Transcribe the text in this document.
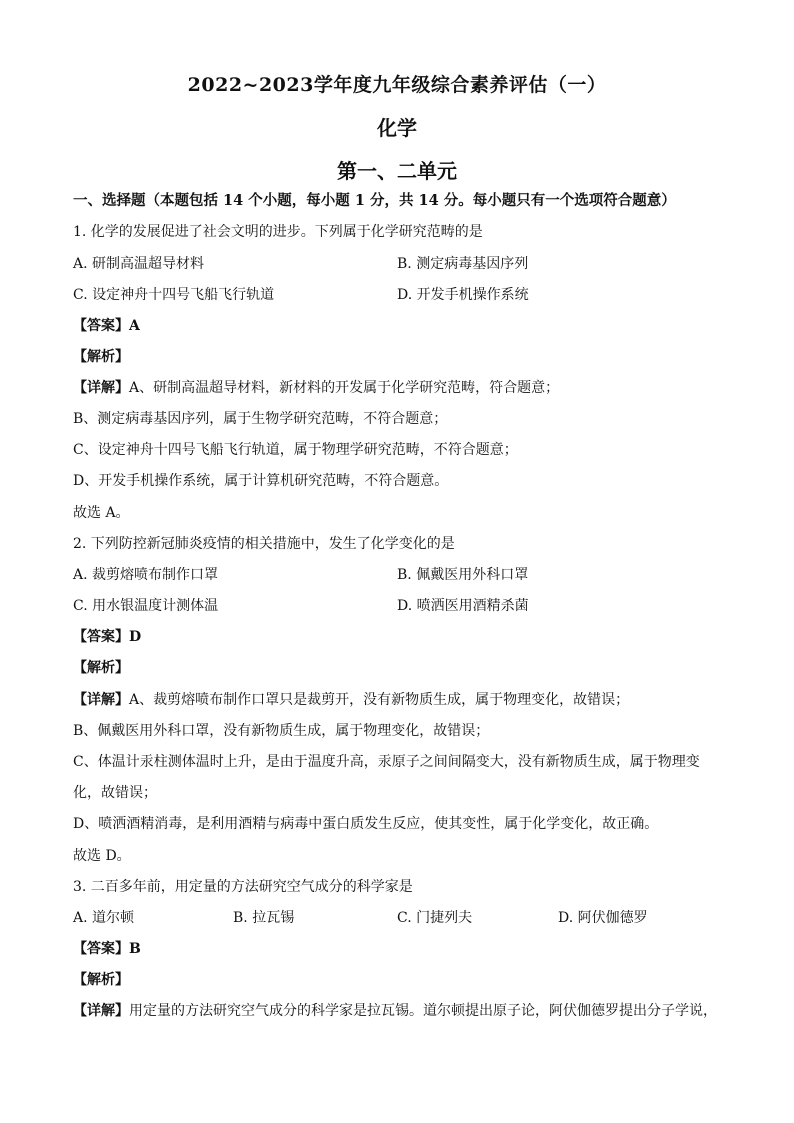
2022~2023学年度九年级综合素养评估（一）
化学
第一、二单元
一、选择题（本题包括 14 个小题，每小题 1 分，共 14 分。每小题只有一个选项符合题意）
1. 化学的发展促进了社会文明的进步。下列属于化学研究范畴的是
A. 研制高温超导材料	B. 测定病毒基因序列
C. 设定神舟十四号飞船飞行轨道	D. 开发手机操作系统
【答案】A
【解析】
【详解】A、研制高温超导材料，新材料的开发属于化学研究范畴，符合题意；
B、测定病毒基因序列，属于生物学研究范畴，不符合题意；
C、设定神舟十四号飞船飞行轨道，属于物理学研究范畴，不符合题意；
D、开发手机操作系统，属于计算机研究范畴，不符合题意。
故选 A。
2. 下列防控新冠肺炎疫情的相关措施中，发生了化学变化的是
A. 裁剪熔喷布制作口罩	B. 佩戴医用外科口罩
C. 用水银温度计测体温	D. 喷洒医用酒精杀菌
【答案】D
【解析】
【详解】A、裁剪熔喷布制作口罩只是裁剪开，没有新物质生成，属于物理变化，故错误；
B、佩戴医用外科口罩，没有新物质生成，属于物理变化，故错误；
C、体温计汞柱测体温时上升，是由于温度升高，汞原子之间间隔变大，没有新物质生成，属于物理变
化，故错误；
D、喷洒酒精消毒，是利用酒精与病毒中蛋白质发生反应，使其变性，属于化学变化，故正确。
故选 D。
3. 二百多年前，用定量的方法研究空气成分的科学家是
A. 道尔顿	B. 拉瓦锡	C. 门捷列夫	D. 阿伏伽德罗
【答案】B
【解析】
【详解】用定量的方法研究空气成分的科学家是拉瓦锡。道尔顿提出原子论，阿伏伽德罗提出分子学说，
